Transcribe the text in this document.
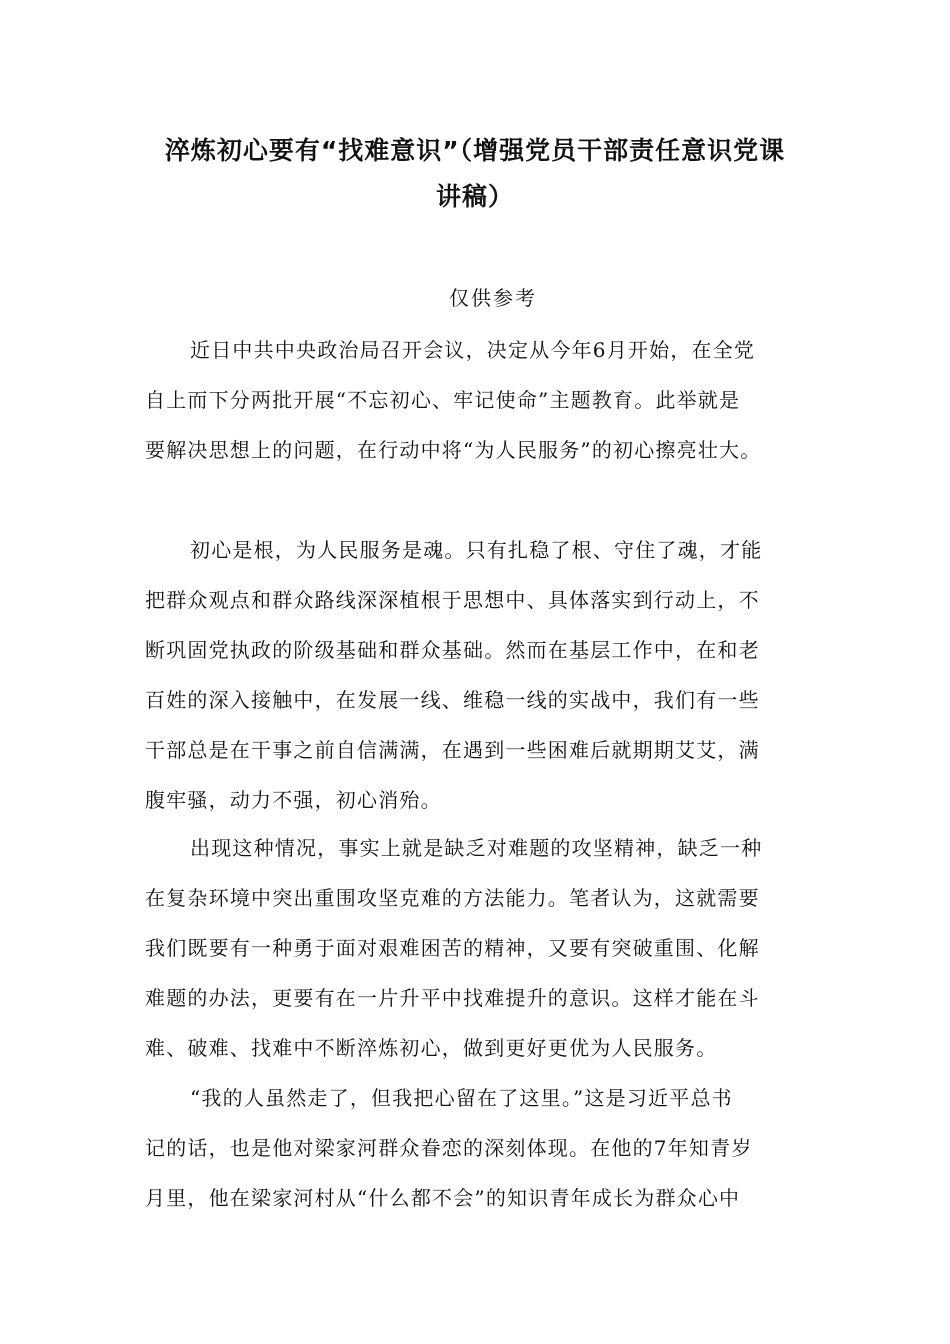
淬炼初心要有“找难意识”（增强党员干部责任意识党课
讲稿）

仅供参考

近日中共中央政治局召开会议，决定从今年6月开始，在全党
自上而下分两批开展“不忘初心、牢记使命”主题教育。此举就是
要解决思想上的问题，在行动中将“为人民服务”的初心擦亮壮大。
初心是根，为人民服务是魂。只有扎稳了根、守住了魂，才能
把群众观点和群众路线深深植根于思想中、具体落实到行动上，不
断巩固党执政的阶级基础和群众基础。然而在基层工作中，在和老
百姓的深入接触中，在发展一线、维稳一线的实战中，我们有一些
干部总是在干事之前自信满满，在遇到一些困难后就期期艾艾，满
腹牢骚，动力不强，初心消殆。
出现这种情况，事实上就是缺乏对难题的攻坚精神，缺乏一种
在复杂环境中突出重围攻坚克难的方法能力。笔者认为，这就需要
我们既要有一种勇于面对艰难困苦的精神，又要有突破重围、化解
难题的办法，更要有在一片升平中找难提升的意识。这样才能在斗
难、破难、找难中不断淬炼初心，做到更好更优为人民服务。
“我的人虽然走了，但我把心留在了这里。”这是习近平总书
记的话，也是他对梁家河群众眷恋的深刻体现。在他的7年知青岁
月里，他在梁家河村从“什么都不会”的知识青年成长为群众心中
